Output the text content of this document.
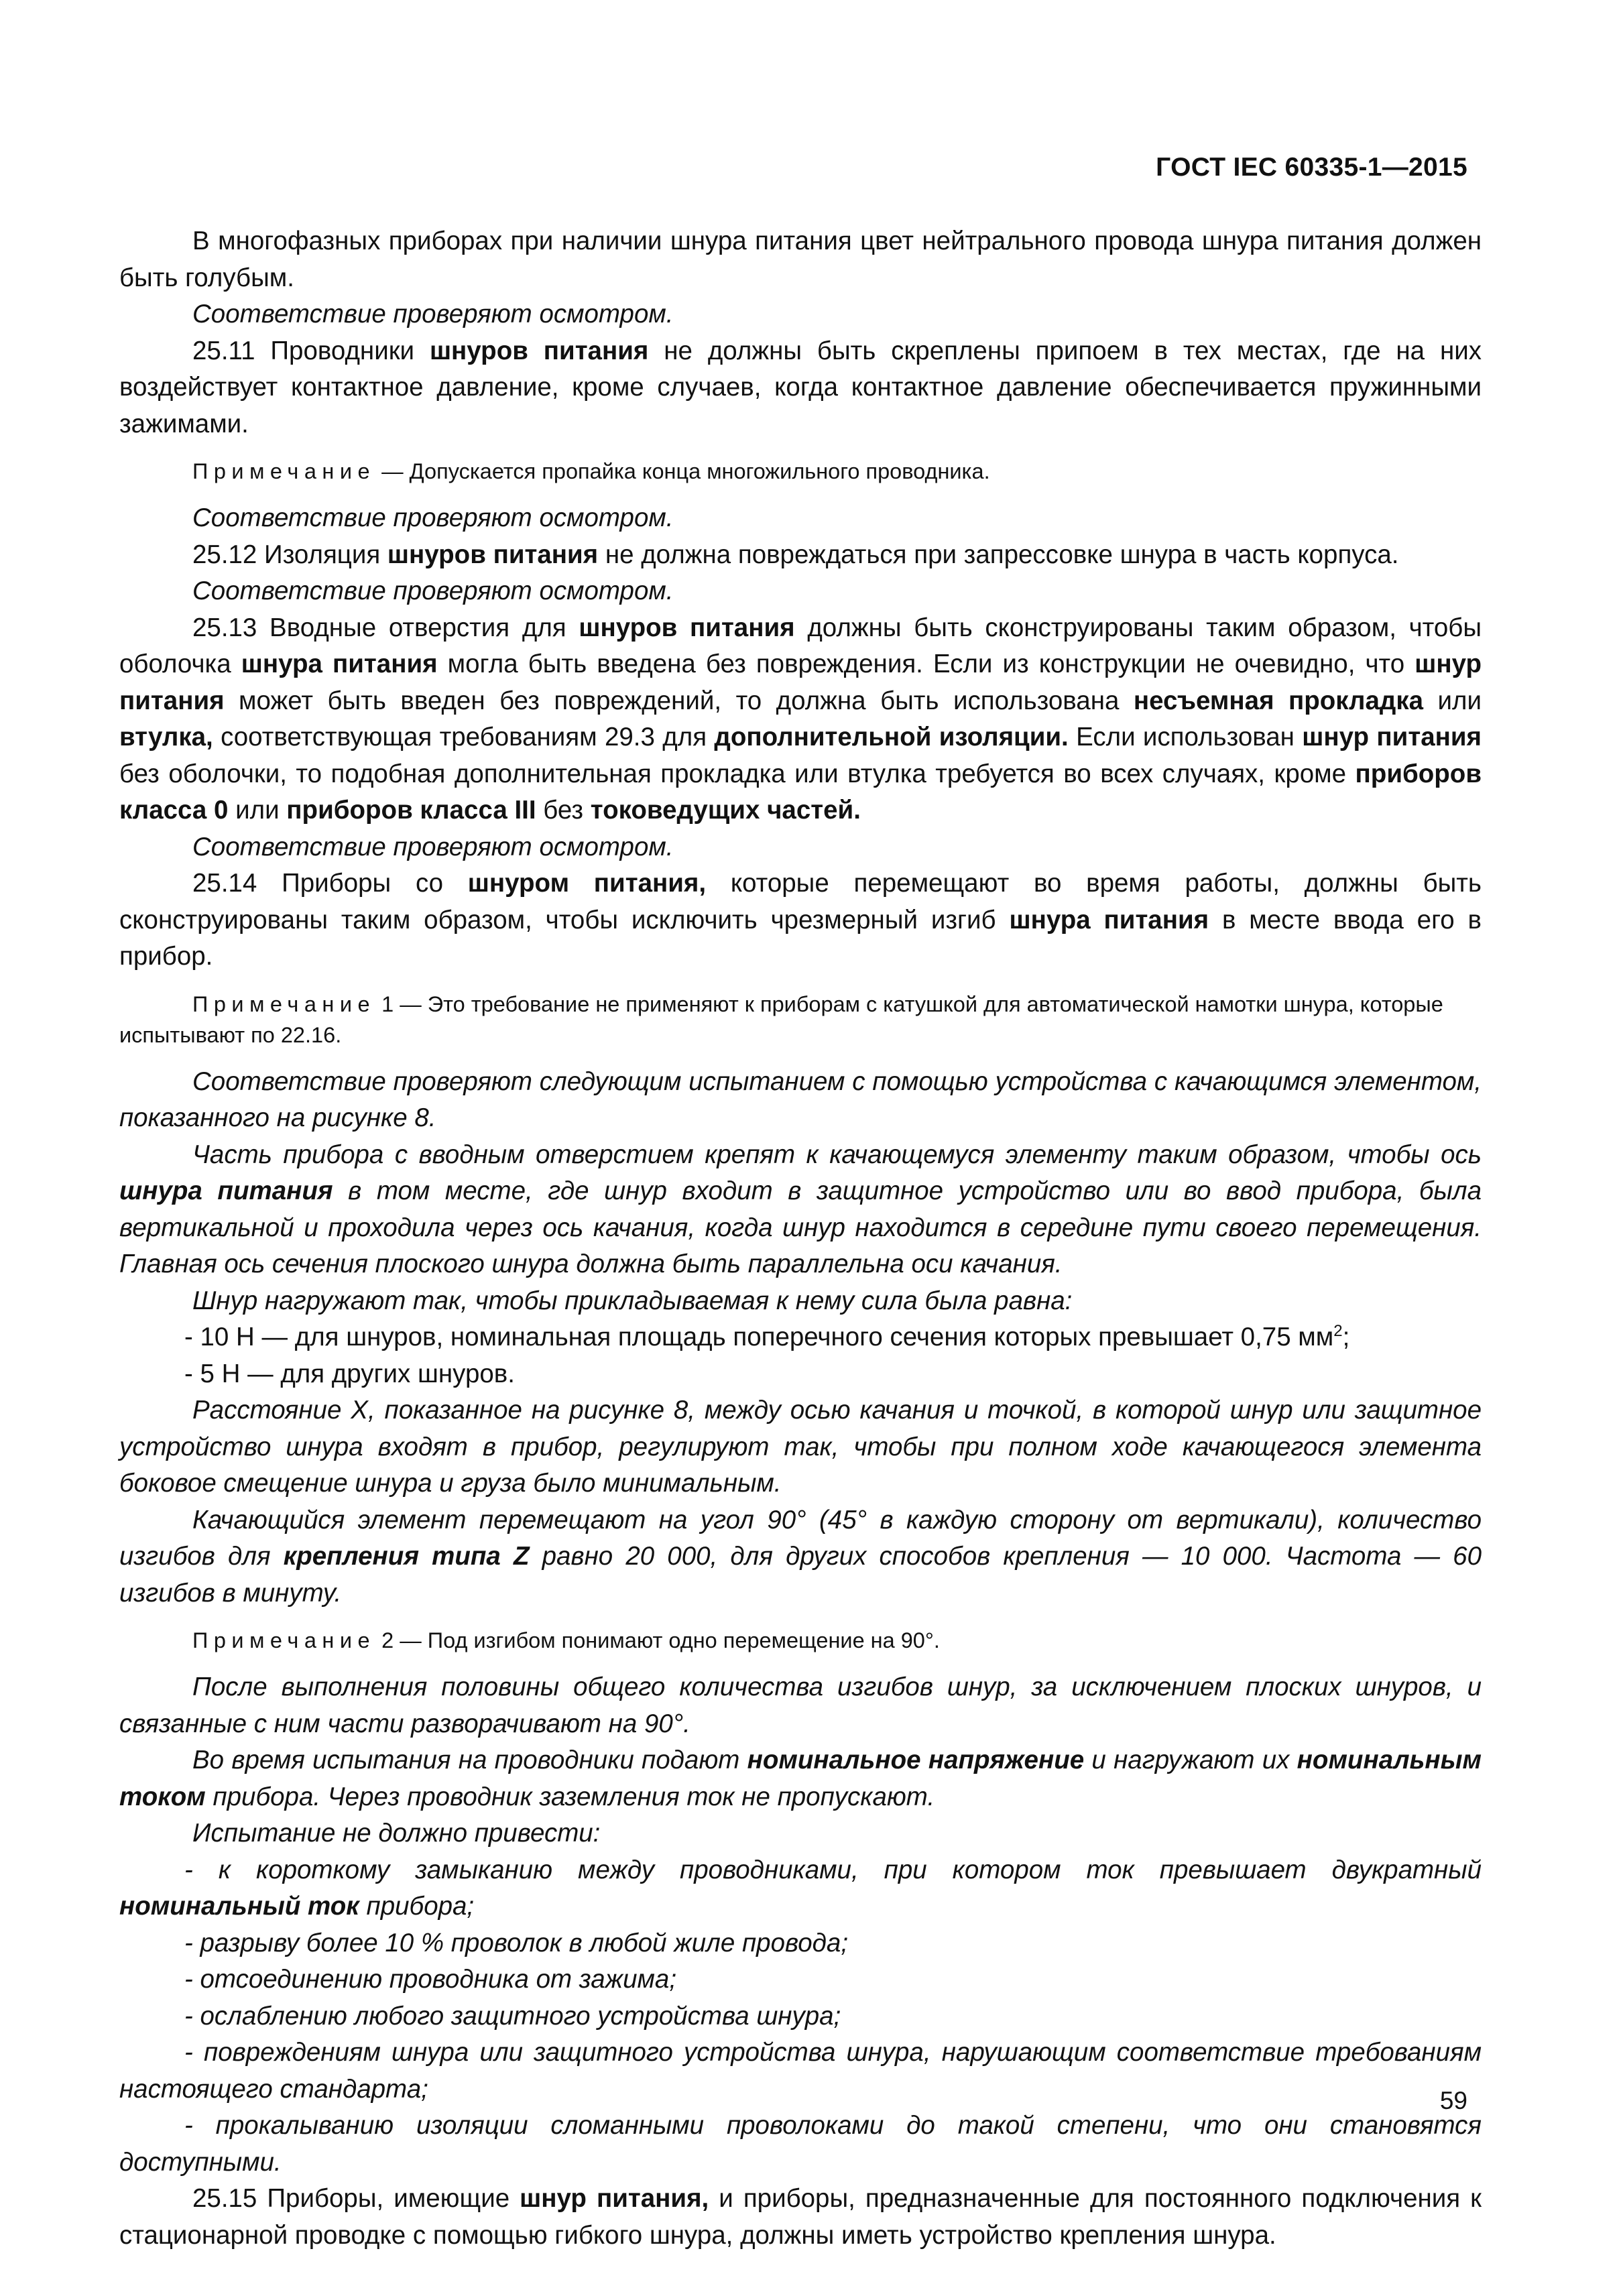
ГОСТ IEC 60335-1—2015

В многофазных приборах при наличии шнура питания цвет нейтрального провода шнура питания должен быть голубым.

Соответствие проверяют осмотром.

25.11 Проводники шнуров питания не должны быть скреплены припоем в тех местах, где на них воздействует контактное давление, кроме случаев, когда контактное давление обеспечивается пружинными зажимами.

Примечание — Допускается пропайка конца многожильного проводника.

Соответствие проверяют осмотром.

25.12 Изоляция шнуров питания не должна повреждаться при запрессовке шнура в часть корпуса.

Соответствие проверяют осмотром.

25.13 Вводные отверстия для шнуров питания должны быть сконструированы таким образом, чтобы оболочка шнура питания могла быть введена без повреждения. Если из конструкции не очевидно, что шнур питания может быть введен без повреждений, то должна быть использована несъемная прокладка или втулка, соответствующая требованиям 29.3 для дополнительной изоляции. Если использован шнур питания без оболочки, то подобная дополнительная прокладка или втулка требуется во всех случаях, кроме приборов класса 0 или приборов класса III без токоведущих частей.

Соответствие проверяют осмотром.

25.14 Приборы со шнуром питания, которые перемещают во время работы, должны быть сконструированы таким образом, чтобы исключить чрезмерный изгиб шнура питания в месте ввода его в прибор.

Примечание 1 — Это требование не применяют к приборам с катушкой для автоматической намотки шнура, которые испытывают по 22.16.

Соответствие проверяют следующим испытанием с помощью устройства с качающимся элементом, показанного на рисунке 8.

Часть прибора с вводным отверстием крепят к качающемуся элементу таким образом, чтобы ось шнура питания в том месте, где шнур входит в защитное устройство или во ввод прибора, была вертикальной и проходила через ось качания, когда шнур находится в середине пути своего перемещения. Главная ось сечения плоского шнура должна быть параллельна оси качания.

Шнур нагружают так, чтобы прикладываемая к нему сила была равна:

- 10 Н — для шнуров, номинальная площадь поперечного сечения которых превышает 0,75 $мм^2$;

- 5 Н — для других шнуров.

Расстояние X, показанное на рисунке 8, между осью качания и точкой, в которой шнур или защитное устройство шнура входят в прибор, регулируют так, чтобы при полном ходе качающегося элемента боковое смещение шнура и груза было минимальным.

Качающийся элемент перемещают на угол 90° (45° в каждую сторону от вертикали), количество изгибов для крепления типа Z равно 20 000, для других способов крепления — 10 000. Частота — 60 изгибов в минуту.

Примечание 2 — Под изгибом понимают одно перемещение на 90°.

После выполнения половины общего количества изгибов шнур, за исключением плоских шнуров, и связанные с ним части разворачивают на 90°.

Во время испытания на проводники подают номинальное напряжение и нагружают их номинальным током прибора. Через проводник заземления ток не пропускают.

Испытание не должно привести:

- к короткому замыканию между проводниками, при котором ток превышает двукратный номинальный ток прибора;

- разрыву более 10 % проволок в любой жиле провода;

- отсоединению проводника от зажима;

- ослаблению любого защитного устройства шнура;

- повреждениям шнура или защитного устройства шнура, нарушающим соответствие требованиям настоящего стандарта;

- прокалыванию изоляции сломанными проволоками до такой степени, что они становятся доступными.

25.15 Приборы, имеющие шнур питания, и приборы, предназначенные для постоянного подключения к стационарной проводке с помощью гибкого шнура, должны иметь устройство крепления шнура.

59
